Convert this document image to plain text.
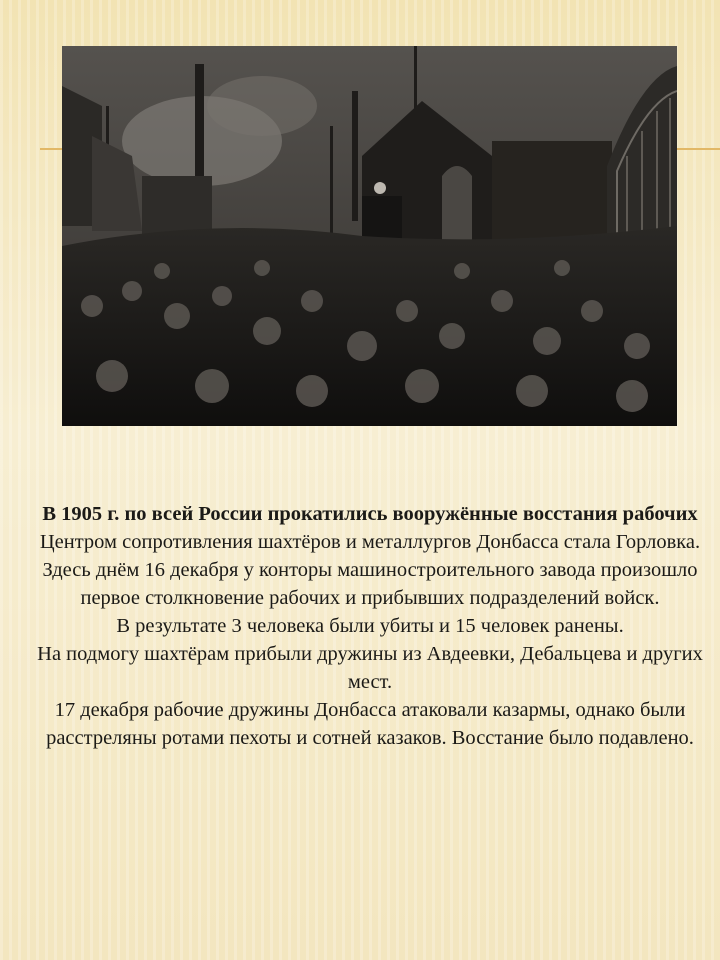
В 1905 г. по всей России прокатились вооружённые восстания рабочих

Центром сопротивления шахтёров и металлургов Донбасса стала Горловка.

Здесь днём 16 декабря у конторы машиностроительного завода произошло первое столкновение рабочих и прибывших подразделений войск.

В результате 3 человека были убиты и 15 человек ранены.

На подмогу шахтёрам прибыли дружины из Авдеевки, Дебальцева и других мест.

17 декабря рабочие дружины Донбасса атаковали казармы, однако были расстреляны ротами пехоты и сотней казаков. Восстание было подавлено.
